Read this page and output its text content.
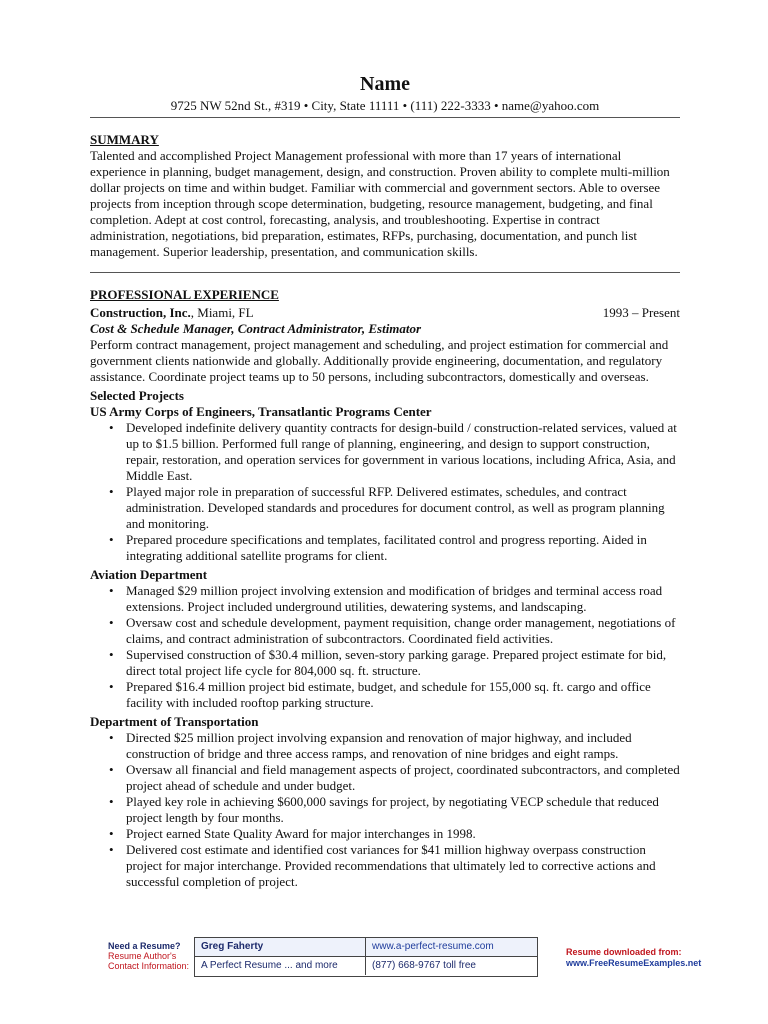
Name
9725 NW 52nd St., #319 • City, State 11111 • (111) 222-3333 • name@yahoo.com
SUMMARY

Talented and accomplished Project Management professional with more than 17 years of international experience in planning, budget management, design, and construction. Proven ability to complete multi-million dollar projects on time and within budget. Familiar with commercial and government sectors. Able to oversee projects from inception through scope determination, budgeting, resource management, budgeting, and final completion. Adept at cost control, forecasting, analysis, and troubleshooting. Expertise in contract administration, negotiations, bid preparation, estimates, RFPs, purchasing, documentation, and punch list management. Superior leadership, presentation, and communication skills.

PROFESSIONAL EXPERIENCE
Construction, Inc., Miami, FL	1993 – Present
Cost & Schedule Manager, Contract Administrator, Estimator

Perform contract management, project management and scheduling, and project estimation for commercial and government clients nationwide and globally. Additionally provide engineering, documentation, and regulatory assistance. Coordinate project teams up to 50 persons, including subcontractors, domestically and overseas.

Selected Projects
US Army Corps of Engineers, Transatlantic Programs Center
• Developed indefinite delivery quantity contracts for design-build / construction-related services, valued at up to $1.5 billion. Performed full range of planning, engineering, and design to support construction, repair, restoration, and operation services for government in various locations, including Africa, Asia, and Middle East.
• Played major role in preparation of successful RFP. Delivered estimates, schedules, and contract administration. Developed standards and procedures for document control, as well as program planning and monitoring.
• Prepared procedure specifications and templates, facilitated control and progress reporting. Aided in integrating additional satellite programs for client.
Aviation Department
• Managed $29 million project involving extension and modification of bridges and terminal access road extensions. Project included underground utilities, dewatering systems, and landscaping.
• Oversaw cost and schedule development, payment requisition, change order management, negotiations of claims, and contract administration of subcontractors. Coordinated field activities.
• Supervised construction of $30.4 million, seven-story parking garage. Prepared project estimate for bid, direct total project life cycle for 804,000 sq. ft. structure.
• Prepared $16.4 million project bid estimate, budget, and schedule for 155,000 sq. ft. cargo and office facility with included rooftop parking structure.
Department of Transportation
• Directed $25 million project involving expansion and renovation of major highway, and included construction of bridge and three access ramps, and renovation of nine bridges and eight ramps.
• Oversaw all financial and field management aspects of project, coordinated subcontractors, and completed project ahead of schedule and under budget.
• Played key role in achieving $600,000 savings for project, by negotiating VECP schedule that reduced project length by four months.
• Project earned State Quality Award for major interchanges in 1998.
• Delivered cost estimate and identified cost variances for $41 million highway overpass construction project for major interchange. Provided recommendations that ultimately led to corrective actions and successful completion of project.
Need a Resume?
Resume Author's
Contact Information:
Greg Faherty	www.a-perfect-resume.com
A Perfect Resume ... and more	(877) 668-9767 toll free
Resume downloaded from:
www.FreeResumeExamples.net
